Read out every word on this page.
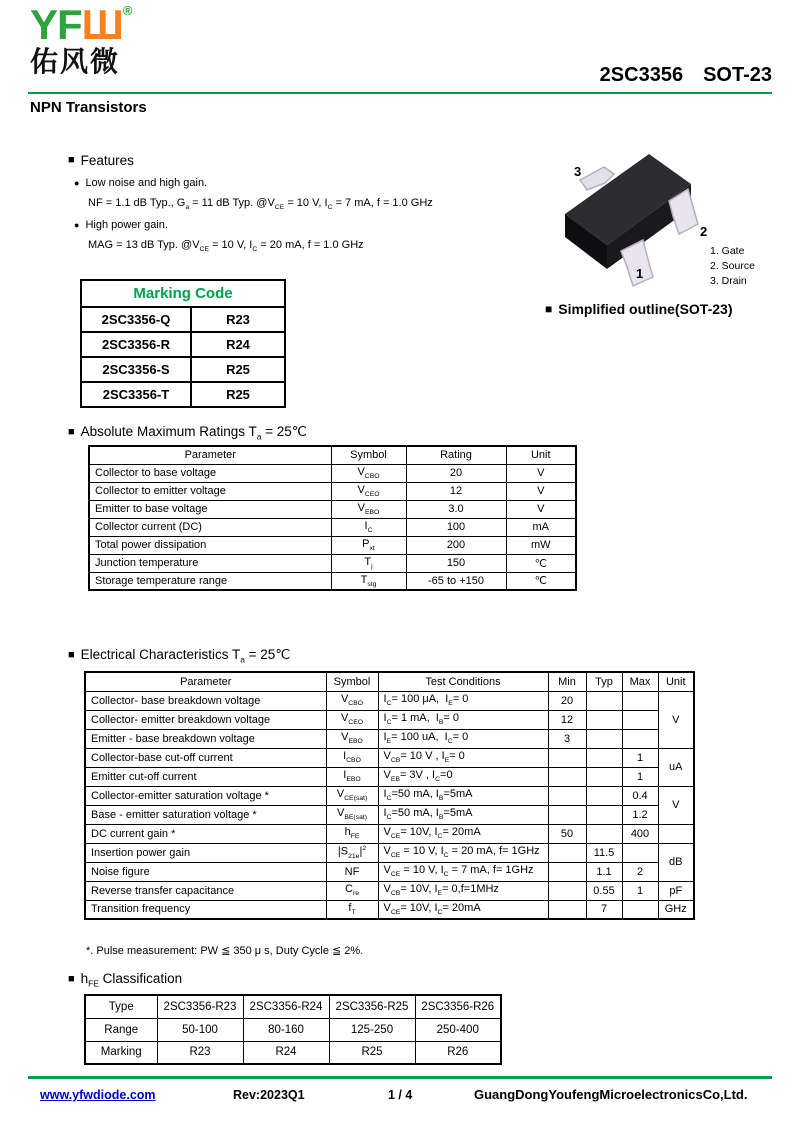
YFШ®
佑风微	2SC3356 SOT-23
NPN Transistors
■ Features
● Low noise and high gain.
NF = 1.1 dB Typ., $G_a = 11$ dB Typ. $@V_{CE} = 10$ V, $I_C = 7$ mA, f = 1.0 GHz
● High power gain.
MAG = 13 dB Typ. $@V_{CE} = 10$ V, $I_C = 20$ mA, f = 1.0 GHz
Marking Code	
2SC3356-Q	R23
2SC3356-R	R24
2SC3356-S	R25
2SC3356-T	R25
3
2
1
1. Gate
2. Source
3. Drain
■ Simplified outline(SOT-23)
■ Absolute Maximum Ratings $T_a$ = 25℃
Parameter	Symbol	Rating	Unit
Collector to base voltage	$V_{CBO}$	20	V
Collector to emitter voltage	$V_{CEO}$	12	V
Emitter to base voltage	$V_{EBO}$	3.0	V
Collector current (DC)	$I_C$	100	mA
Total power dissipation	$P_{xt}$	200	mW
Junction temperature	$T_j$	150	℃
Storage temperature range	$T_{stg}$	-65 to +150	℃
■ Electrical Characteristics $T_a$ = 25℃
Parameter	Symbol	Test Conditions	Min	Typ	Max	Unit
Collector- base breakdown voltage	$V_{CBO}$	$I_C= 100$ μA,  $I_E= 0$	20			V
Collector- emitter breakdown voltage	$V_{CEO}$	$I_C= 1$ mA,  $I_B= 0$	12			
Emitter - base breakdown voltage	$V_{EBO}$	$I_E= 100$ uA,  $I_C= 0$	3			
Collector-base cut-off current	$I_{CBO}$	$V_{CB}= 10$ V , $I_E= 0$			1	uA
Emitter cut-off current	$I_{EBO}$	$V_{EB}= 3V$ , $I_C=0$			1	
Collector-emitter saturation voltage *	$V_{CE(sat)}$	$I_C=50$ mA, $I_B=5mA$			0.4	V
Base - emitter saturation voltage *	$V_{BE(sat)}$	$I_C=50$ mA, $I_B=5mA$			1.2	
DC current gain *	$h_{FE}$	$V_{CE}= 10V$, $I_C= 20mA$	50		400	
Insertion power gain	$|S_{21e}|^2$	$V_{CE} = 10$ V, $I_C = 20$ mA, f= 1GHz		11.5		dB
Noise figure	NF	$V_{CE} = 10$ V, $I_C = 7$ mA, f= 1GHz		1.1	2	
Reverse transfer capacitance	$C_{re}$	$V_{CB}= 10V$, $I_E= 0,f=1MHz$		0.55	1	pF
Transition frequency	$f_T$	$V_{CE}= 10V$, $I_C= 20mA$		7		GHz
*. Pulse measurement: PW ≦ 350 μ s, Duty Cycle ≦ 2%.
■ $h_{FE}$ Classification
Type	2SC3356-R23	2SC3356-R24	2SC3356-R25	2SC3356-R26
Range	50-100	80-160	125-250	250-400
Marking	R23	R24	R25	R26
www.yfwdiode.com	Rev:2023Q1	1 / 4	GuangDongYoufengMicroelectronicsCo,Ltd.
